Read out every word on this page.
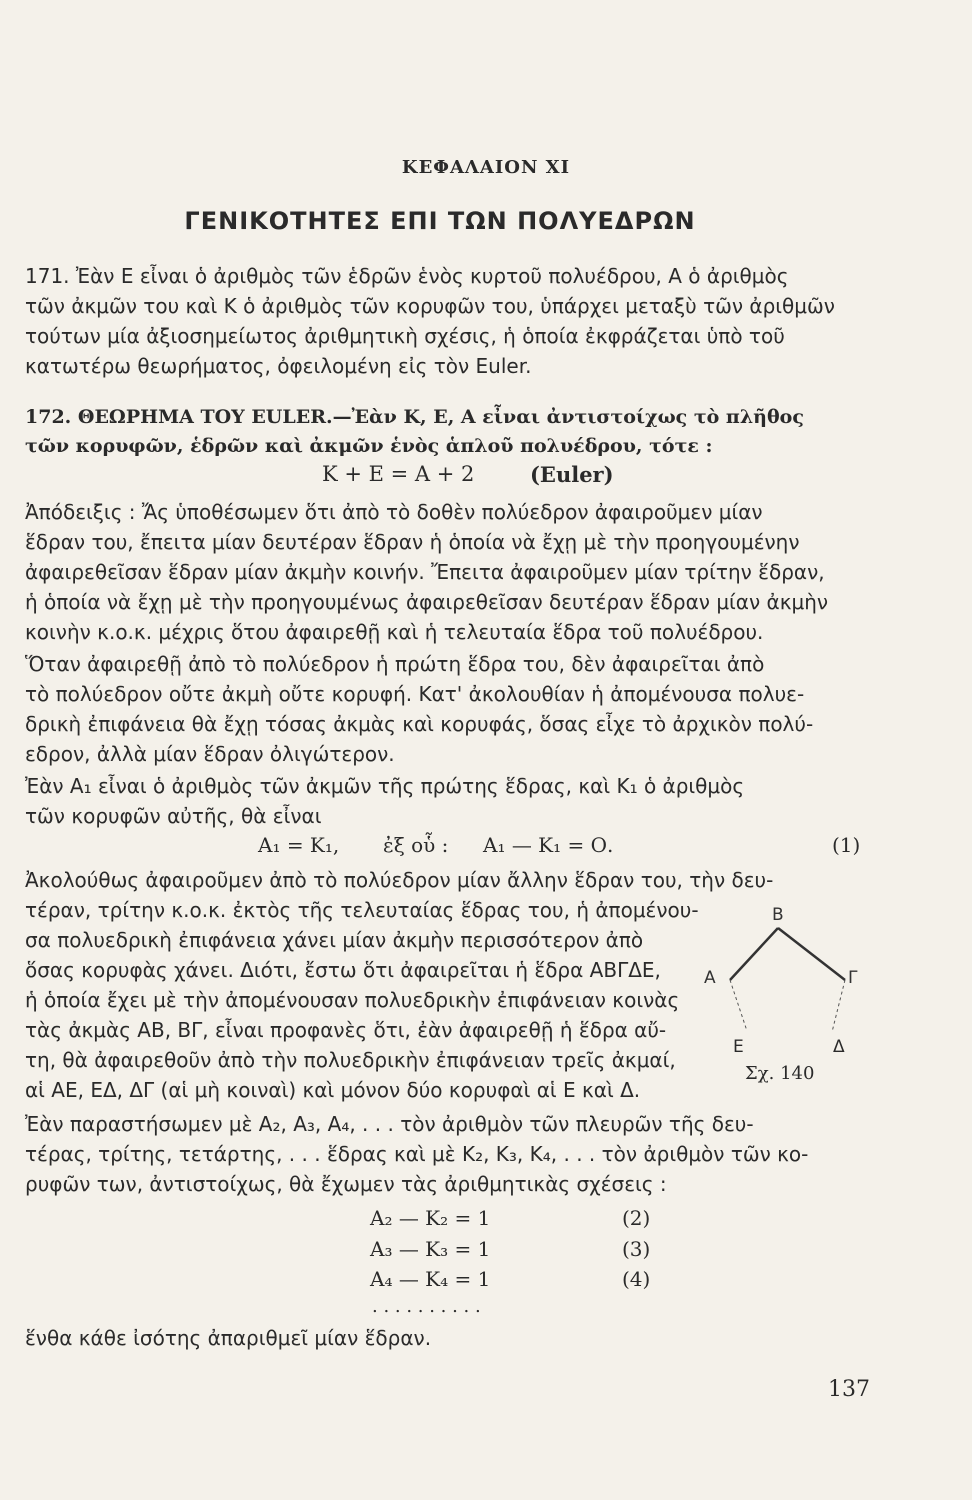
ΚΕΦΑΛΑΙΟΝ XI
ΓΕΝΙΚΟΤΗΤΕΣ ΕΠΙ ΤΩΝ ΠΟΛΥΕΔΡΩΝ
171. Ἐὰν Ε εἶναι ὁ ἀριθμὸς τῶν ἑδρῶν ἑνὸς κυρτοῦ πολυέδρου, Α ὁ ἀριθμὸς
τῶν ἀκμῶν του καὶ Κ ὁ ἀριθμὸς τῶν κορυφῶν του, ὑπάρχει μεταξὺ τῶν ἀριθμῶν
τούτων μία ἀξιοσημείωτος ἀριθμητικὴ σχέσις, ἡ ὁποία ἐκφράζεται ὑπὸ τοῦ
κατωτέρω θεωρήματος, ὀφειλομένη εἰς τὸν Euler.
172. ΘΕΩΡΗΜΑ ΤΟΥ EULER.—Ἐὰν Κ, Ε, Α εἶναι ἀντιστοίχως τὸ πλῆθος
τῶν κορυφῶν, ἑδρῶν καὶ ἀκμῶν ἑνὸς ἁπλοῦ πολυέδρου, τότε :
Κ + Ε = Α + 2	(Euler)
Ἀπόδειξις : Ἄς ὑποθέσωμεν ὅτι ἀπὸ τὸ δοθὲν πολύεδρον ἀφαιροῦμεν μίαν
ἕδραν του, ἔπειτα μίαν δευτέραν ἕδραν ἡ ὁποία νὰ ἔχῃ μὲ τὴν προηγουμένην
ἀφαιρεθεῖσαν ἕδραν μίαν ἀκμὴν κοινήν. Ἔπειτα ἀφαιροῦμεν μίαν τρίτην ἕδραν,
ἡ ὁποία νὰ ἔχῃ μὲ τὴν προηγουμένως ἀφαιρεθεῖσαν δευτέραν ἕδραν μίαν ἀκμὴν
κοινὴν κ.ο.κ. μέχρις ὅτου ἀφαιρεθῇ καὶ ἡ τελευταία ἕδρα τοῦ πολυέδρου.
Ὅταν ἀφαιρεθῇ ἀπὸ τὸ πολύεδρον ἡ πρώτη ἕδρα του, δὲν ἀφαιρεῖται ἀπὸ
τὸ πολύεδρον οὔτε ἀκμὴ οὔτε κορυφή. Κατ' ἀκολουθίαν ἡ ἀπομένουσα πολυε-
δρικὴ ἐπιφάνεια θὰ ἔχῃ τόσας ἀκμὰς καὶ κορυφάς, ὅσας εἶχε τὸ ἀρχικὸν πολύ-
εδρον, ἀλλὰ μίαν ἕδραν ὀλιγώτερον.
Ἐὰν Α₁ εἶναι ὁ ἀριθμὸς τῶν ἀκμῶν τῆς πρώτης ἕδρας, καὶ Κ₁ ὁ ἀριθμὸς
τῶν κορυφῶν αὐτῆς, θὰ εἶναι
Α₁ = Κ₁, ἐξ οὗ : Α₁ — Κ₁ = Ο.	(1)
Ἀκολούθως ἀφαιροῦμεν ἀπὸ τὸ πολύεδρον μίαν ἄλλην ἕδραν του, τὴν δευ-
τέραν, τρίτην κ.ο.κ. ἐκτὸς τῆς τελευταίας ἕδρας του, ἡ ἀπομένου-
σα πολυεδρικὴ ἐπιφάνεια χάνει μίαν ἀκμὴν περισσότερον ἀπὸ
ὅσας κορυφὰς χάνει. Διότι, ἔστω ὅτι ἀφαιρεῖται ἡ ἕδρα ΑΒΓΔΕ,
ἡ ὁποία ἔχει μὲ τὴν ἀπομένουσαν πολυεδρικὴν ἐπιφάνειαν κοινὰς
τὰς ἀκμὰς ΑΒ, ΒΓ, εἶναι προφανὲς ὅτι, ἐὰν ἀφαιρεθῇ ἡ ἕδρα αὔ-
τη, θὰ ἀφαιρεθοῦν ἀπὸ τὴν πολυεδρικὴν ἐπιφάνειαν τρεῖς ἀκμαί,
αἱ ΑΕ, ΕΔ, ΔΓ (αἱ μὴ κοιναὶ) καὶ μόνον δύο κορυφαὶ αἱ Ε καὶ Δ.
Ἐὰν παραστήσωμεν μὲ Α₂, Α₃, Α₄, . . . τὸν ἀριθμὸν τῶν πλευρῶν τῆς δευ-
τέρας, τρίτης, τετάρτης, . . . ἕδρας καὶ μὲ Κ₂, Κ₃, Κ₄, . . . τὸν ἀριθμὸν τῶν κο-
ρυφῶν των, ἀντιστοίχως, θὰ ἔχωμεν τὰς ἀριθμητικὰς σχέσεις :
Α₂ — Κ₂ = 1	(2)
Α₃ — Κ₃ = 1	(3)
Α₄ — Κ₄ = 1	(4)
. . . . . . . . . .
ἕνθα κάθε ἰσότης ἀπαριθμεῖ μίαν ἕδραν.
Β
Α	Γ
Ε	Δ
Σχ. 140
137
